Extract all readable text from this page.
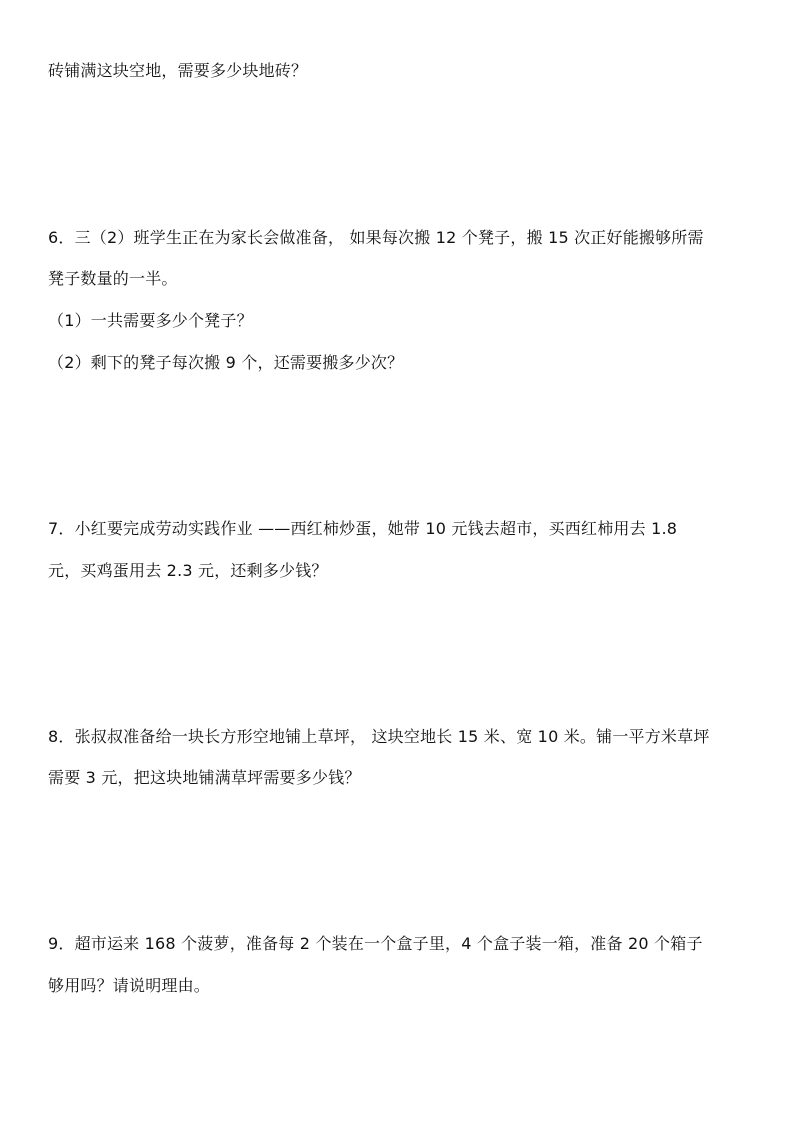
砖铺满这块空地，需要多少块地砖？
6．三（2）班学生正在为家长会做准备， 如果每次搬 12 个凳子，搬 15 次正好能搬够所需
凳子数量的一半。
（1）一共需要多少个凳子？
（2）剩下的凳子每次搬 9 个，还需要搬多少次？
7．小红要完成劳动实践作业 ——西红柿炒蛋，她带 10 元钱去超市，买西红柿用去 1.8
元，买鸡蛋用去 2.3 元，还剩多少钱？
8．张叔叔准备给一块长方形空地铺上草坪， 这块空地长 15 米、宽 10 米。铺一平方米草坪
需要 3 元，把这块地铺满草坪需要多少钱？
9．超市运来 168 个菠萝，准备每 2 个装在一个盒子里，4 个盒子装一箱，准备 20 个箱子
够用吗？请说明理由。
